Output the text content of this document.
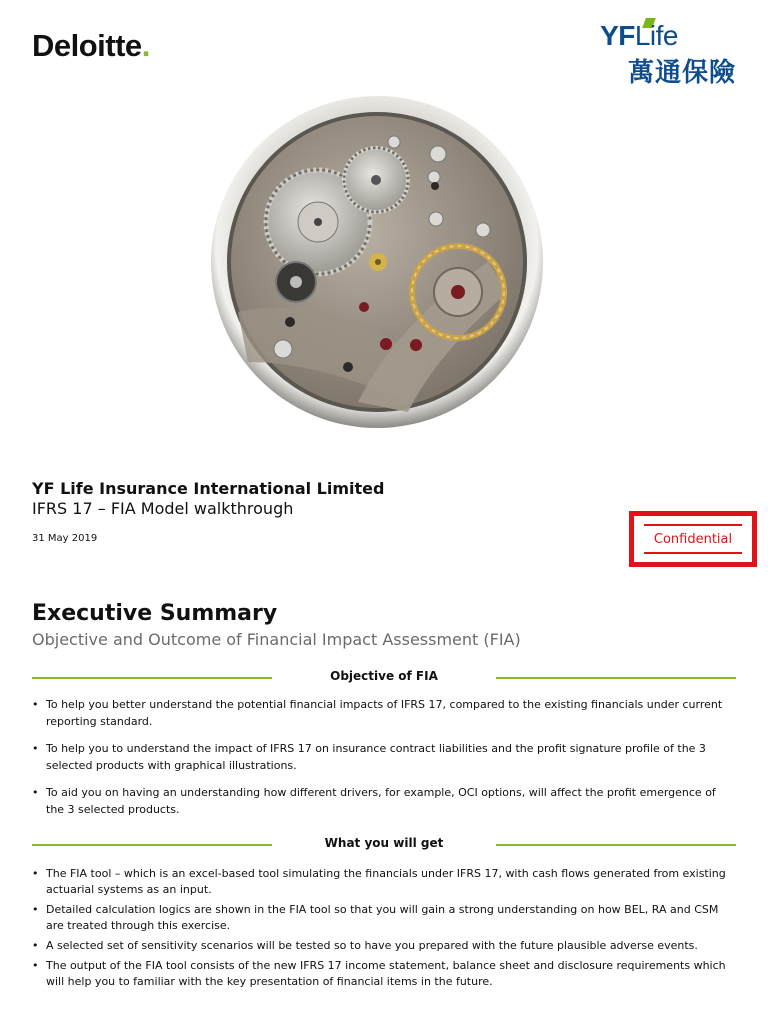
Deloitte.	YFLife
萬通保險
YF Life Insurance International Limited
IFRS 17 – FIA Model walkthrough
31 May 2019	Confidential
Executive Summary
Objective and Outcome of Financial Impact Assessment (FIA)
Objective of FIA
• To help you better understand the potential financial impacts of IFRS 17, compared to the existing financials under current reporting standard.
• To help you to understand the impact of IFRS 17 on insurance contract liabilities and the profit signature profile of the 3 selected products with graphical illustrations.
• To aid you on having an understanding how different drivers, for example, OCI options, will affect the profit emergence of the 3 selected products.
What you will get
• The FIA tool – which is an excel-based tool simulating the financials under IFRS 17, with cash flows generated from existing actuarial systems as an input.
• Detailed calculation logics are shown in the FIA tool so that you will gain a strong understanding on how BEL, RA and CSM are treated through this exercise.
• A selected set of sensitivity scenarios will be tested so to have you prepared with the future plausible adverse events.
• The output of the FIA tool consists of the new IFRS 17 income statement, balance sheet and disclosure requirements which will help you to familiar with the key presentation of financial items in the future.
